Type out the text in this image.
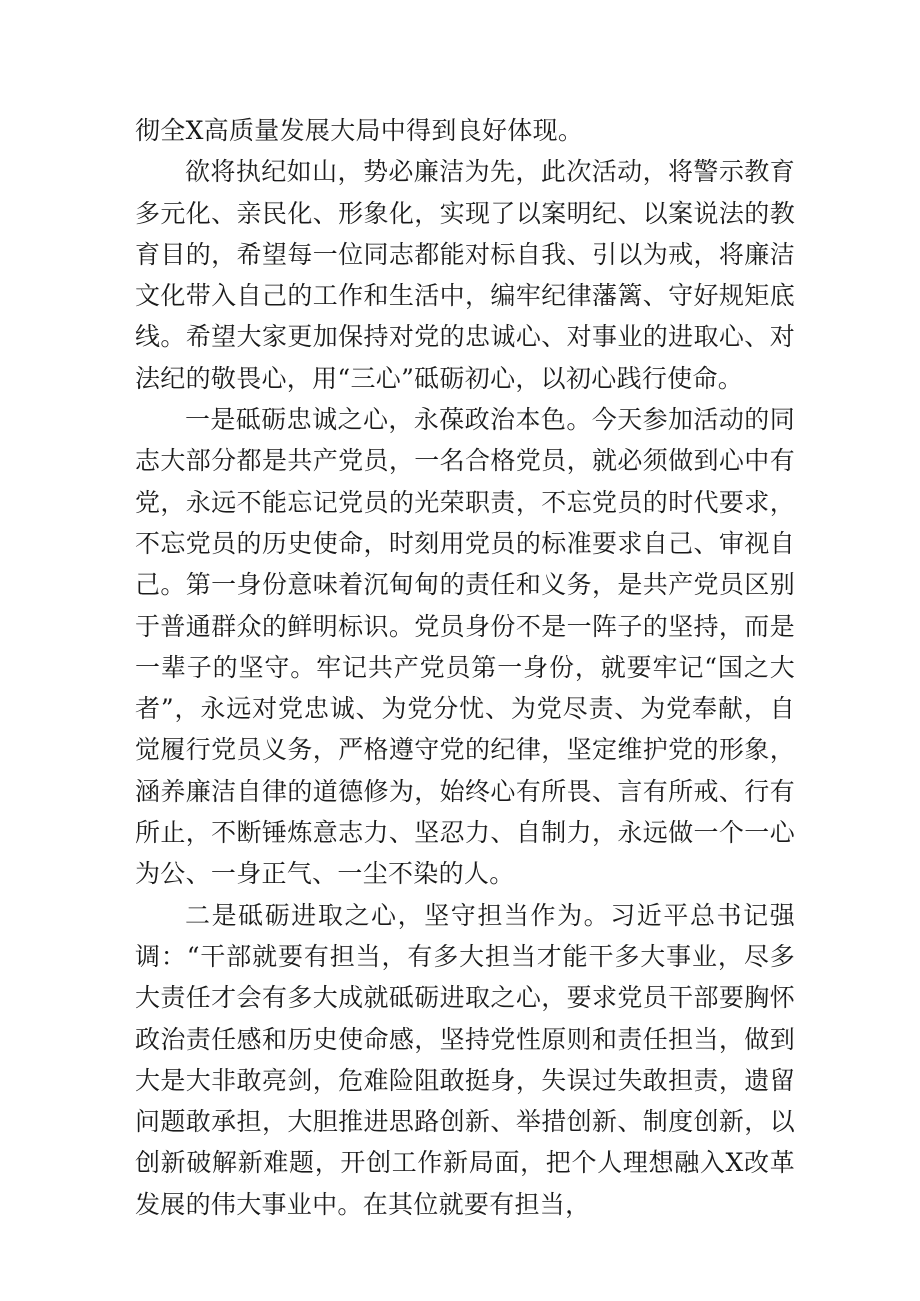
彻全X高质量发展大局中得到良好体现。

欲将执纪如山，势必廉洁为先，此次活动，将警示教育多元化、亲民化、形象化，实现了以案明纪、以案说法的教育目的，希望每一位同志都能对标自我、引以为戒，将廉洁文化带入自己的工作和生活中，编牢纪律藩篱、守好规矩底线。希望大家更加保持对党的忠诚心、对事业的进取心、对法纪的敬畏心，用“三心”砥砺初心，以初心践行使命。

一是砥砺忠诚之心，永葆政治本色。今天参加活动的同志大部分都是共产党员，一名合格党员，就必须做到心中有党，永远不能忘记党员的光荣职责，不忘党员的时代要求，不忘党员的历史使命，时刻用党员的标准要求自己、审视自己。第一身份意味着沉甸甸的责任和义务，是共产党员区别于普通群众的鲜明标识。党员身份不是一阵子的坚持，而是一辈子的坚守。牢记共产党员第一身份，就要牢记“国之大者”，永远对党忠诚、为党分忧、为党尽责、为党奉献，自觉履行党员义务，严格遵守党的纪律，坚定维护党的形象，涵养廉洁自律的道德修为，始终心有所畏、言有所戒、行有所止，不断锤炼意志力、坚忍力、自制力，永远做一个一心为公、一身正气、一尘不染的人。

二是砥砺进取之心，坚守担当作为。习近平总书记强调：“干部就要有担当，有多大担当才能干多大事业，尽多大责任才会有多大成就砥砺进取之心，要求党员干部要胸怀政治责任感和历史使命感，坚持党性原则和责任担当，做到大是大非敢亮剑，危难险阻敢挺身，失误过失敢担责，遗留问题敢承担，大胆推进思路创新、举措创新、制度创新，以创新破解新难题，开创工作新局面，把个人理想融入X改革发展的伟大事业中。在其位就要有担当，
